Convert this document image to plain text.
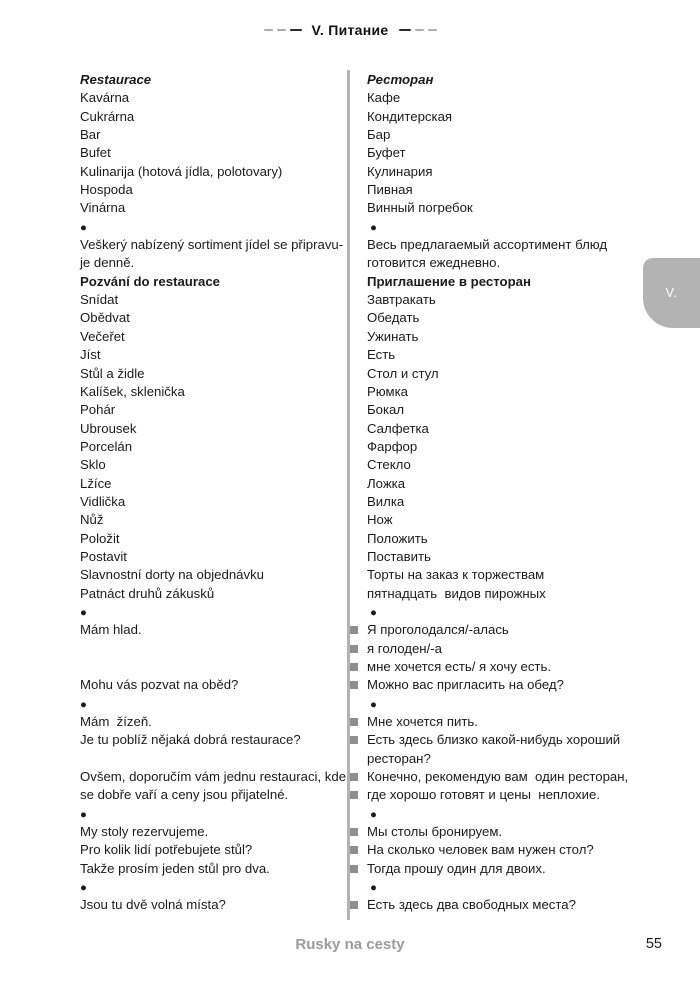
V. Питание
Restaurace	Ресторан
Kavárna	Кафе
Cukrárna	Кондитерская
Bar	Бар
Bufet	Буфет
Kulinarija (hotová jídla, polotovary)	Кулинария
Hospoda	Пивная
Vinárna	Винный погребок
●	●
Veškerý nabízený sortiment jídel se připravu-	Весь предлагаемый ассортимент блюд
je denně.	готовится ежедневно.
Pozvání do restaurace	Приглашение в ресторан
Snídat	Завтракать
Obědvat	Обедать
Večeřet	Ужинать
Jíst	Есть
Stůl a židle	Стол и стул
Kalíšek, sklenička	Рюмка
Pohár	Бокал
Ubrousek	Салфетка
Porcelán	Фарфор
Sklo	Стекло
Lžíce	Ложка
Vidlička	Вилка
Nůž	Нож
Položit	Положить
Postavit	Поставить
Slavnostní dorty na objednávku	Торты на заказ к торжествам
Patnáct druhů zákusků	пятнадцать  видов пирожных
●	●
Mám hlad.	Я проголодался/-алась
я голоден/-а
мне хочется есть/ я хочу есть.
Mohu vás pozvat na oběd?	Можно вас пригласить на обед?
●	●
Mám  žízeň.	Мне хочется пить.
Je tu poblíž nějaká dobrá restaurace?	Есть здесь близко какой-нибудь хороший
ресторан?
Ovšem, doporučím vám jednu restauraci, kde	Конечно, рекомендую вам  один ресторан,
se dobře vaří a ceny jsou přijatelné.	где хорошо готовят и цены  неплохие.
●	●
My stoly rezervujeme.	Мы столы бронируем.
Pro kolik lidí potřebujete stůl?	На сколько человек вам нужен стол?
Takže prosím jeden stůl pro dva.	Тогда прошу один для двоих.
●	●
Jsou tu dvě volná místa?	Есть здесь два свободных места?
V.
Rusky na cesty	55
